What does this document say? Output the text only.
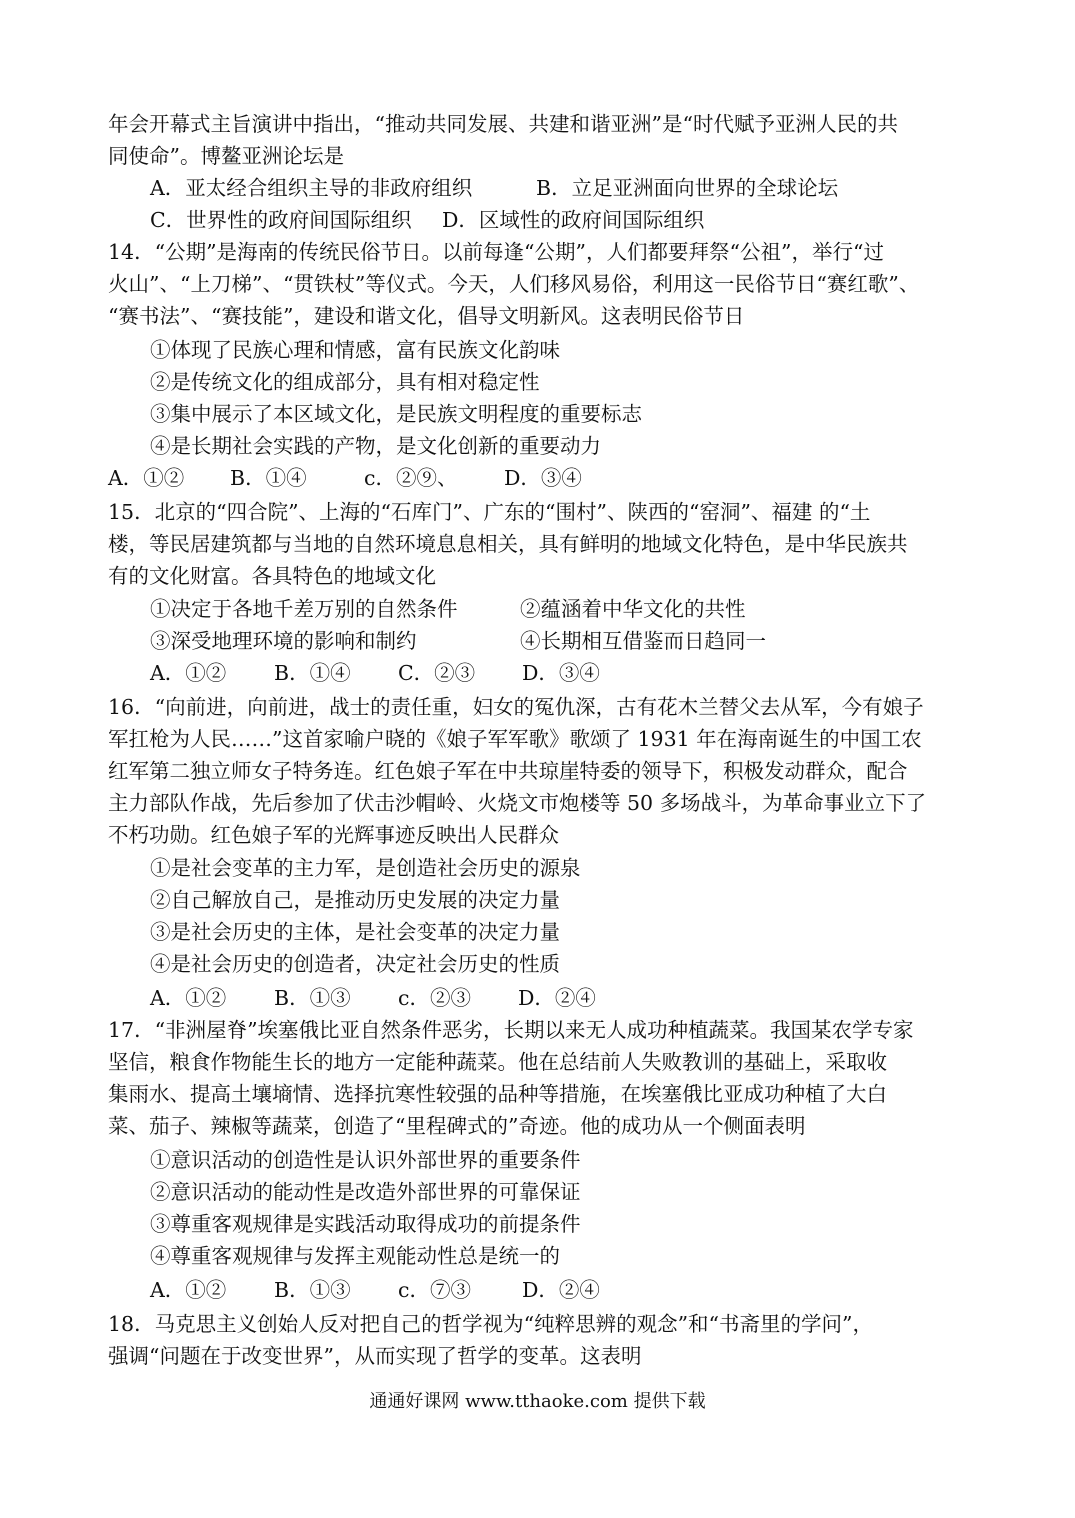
年会开幕式主旨演讲中指出，“推动共同发展、共建和谐亚洲”是“时代赋予亚洲人民的共
同使命”。博鳌亚洲论坛是
A．亚太经合组织主导的非政府组织	B．立足亚洲面向世界的全球论坛
C．世界性的政府间国际组织	D．区域性的政府间国际组织
14．“公期”是海南的传统民俗节日。以前每逢“公期”，人们都要拜祭“公祖”，举行“过
火山”、“上刀梯”、“贯铁杖”等仪式。今天，人们移风易俗，利用这一民俗节日“赛红歌”、
“赛书法”、“赛技能”，建设和谐文化，倡导文明新风。这表明民俗节日
①体现了民族心理和情感，富有民族文化韵味
②是传统文化的组成部分，具有相对稳定性
③集中展示了本区域文化，是民族文明程度的重要标志
④是长期社会实践的产物，是文化创新的重要动力
A．①②	B．①④	c．②⑨、	D．③④
15．北京的“四合院”、上海的“石库门”、广东的“围村”、陕西的“窑洞”、福建 的“土
楼，等民居建筑都与当地的自然环境息息相关，具有鲜明的地域文化特色，是中华民族共
有的文化财富。各具特色的地域文化
①决定于各地千差万别的自然条件	②蕴涵着中华文化的共性
③深受地理环境的影响和制约	④长期相互借鉴而日趋同一
A．①②	B．①④	C．②③	D．③④
16．“向前进，向前进，战士的责任重，妇女的冤仇深，古有花木兰替父去从军，今有娘子
军扛枪为人民……”这首家喻户晓的《娘子军军歌》歌颂了 1931 年在海南诞生的中国工农
红军第二独立师女子特务连。红色娘子军在中共琼崖特委的领导下，积极发动群众，配合
主力部队作战，先后参加了伏击沙帽岭、火烧文市炮楼等 50 多场战斗，为革命事业立下了
不朽功勋。红色娘子军的光辉事迹反映出人民群众
①是社会变革的主力军，是创造社会历史的源泉
②自己解放自己，是推动历史发展的决定力量
③是社会历史的主体，是社会变革的决定力量
④是社会历史的创造者，决定社会历史的性质
A．①②	B．①③	c．②③	D．②④
17．“非洲屋脊”埃塞俄比亚自然条件恶劣，长期以来无人成功种植蔬菜。我国某农学专家
坚信，粮食作物能生长的地方一定能种蔬菜。他在总结前人失败教训的基础上，采取收
集雨水、提高土壤墒情、选择抗寒性较强的品种等措施，在埃塞俄比亚成功种植了大白
菜、茄子、辣椒等蔬菜，创造了“里程碑式的”奇迹。他的成功从一个侧面表明
①意识活动的创造性是认识外部世界的重要条件
②意识活动的能动性是改造外部世界的可靠保证
③尊重客观规律是实践活动取得成功的前提条件
④尊重客观规律与发挥主观能动性总是统一的
A．①②	B．①③	c．⑦③	D．②④
18．马克思主义创始人反对把自己的哲学视为“纯粹思辨的观念”和“书斋里的学问”，
强调“问题在于改变世界”，从而实现了哲学的变革。这表明
通通好课网 www.tthaoke.com 提供下载
